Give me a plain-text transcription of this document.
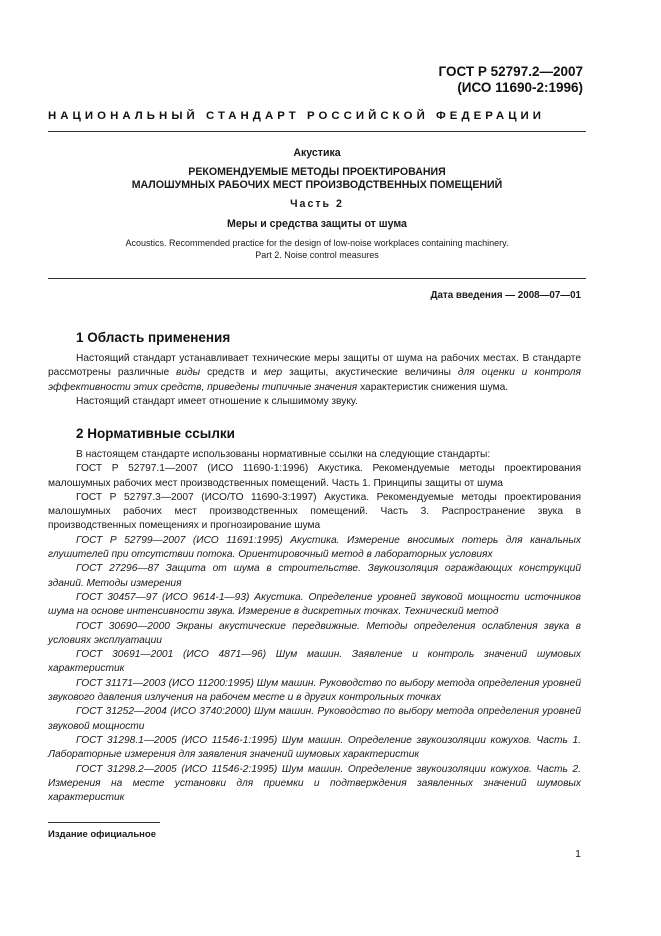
ГОСТ Р 52797.2—2007
(ИСО 11690-2:1996)
НАЦИОНАЛЬНЫЙ СТАНДАРТ РОССИЙСКОЙ ФЕДЕРАЦИИ
Акустика
РЕКОМЕНДУЕМЫЕ МЕТОДЫ ПРОЕКТИРОВАНИЯ
МАЛОШУМНЫХ РАБОЧИХ МЕСТ ПРОИЗВОДСТВЕННЫХ ПОМЕЩЕНИЙ
Часть 2
Меры и средства защиты от шума
Acoustics. Recommended practice for the design of low-noise workplaces containing machinery.
Part 2. Noise control measures
Дата введения — 2008—07—01
1 Область применения

Настоящий стандарт устанавливает технические меры защиты от шума на рабочих местах. В стандарте рассмотрены различные виды средств и мер защиты, акустические величины для оценки и контроля эффективности этих средств, приведены типичные значения характеристик снижения шума.

Настоящий стандарт имеет отношение к слышимому звуку.

2 Нормативные ссылки

В настоящем стандарте использованы нормативные ссылки на следующие стандарты:

ГОСТ Р 52797.1—2007 (ИСО 11690-1:1996) Акустика. Рекомендуемые методы проектирования малошумных рабочих мест производственных помещений. Часть 1. Принципы защиты от шума

ГОСТ Р 52797.3—2007 (ИСО/ТО 11690-3:1997) Акустика. Рекомендуемые методы проектирования малошумных рабочих мест производственных помещений. Часть 3. Распространение звука в производственных помещениях и прогнозирование шума

ГОСТ Р 52799—2007 (ИСО 11691:1995) Акустика. Измерение вносимых потерь для канальных глушителей при отсутствии потока. Ориентировочный метод в лабораторных условиях

ГОСТ 27296—87 Защита от шума в строительстве. Звукоизоляция ограждающих конструкций зданий. Методы измерения

ГОСТ 30457—97 (ИСО 9614-1—93) Акустика. Определение уровней звуковой мощности источников шума на основе интенсивности звука. Измерение в дискретных точках. Технический метод

ГОСТ 30690—2000 Экраны акустические передвижные. Методы определения ослабления звука в условиях эксплуатации

ГОСТ 30691—2001 (ИСО 4871—96) Шум машин. Заявление и контроль значений шумовых характеристик

ГОСТ 31171—2003 (ИСО 11200:1995) Шум машин. Руководство по выбору метода определения уровней звукового давления излучения на рабочем месте и в других контрольных точках

ГОСТ 31252—2004 (ИСО 3740:2000) Шум машин. Руководство по выбору метода определения уровней звуковой мощности

ГОСТ 31298.1—2005 (ИСО 11546-1:1995) Шум машин. Определение звукоизоляции кожухов. Часть 1. Лабораторные измерения для заявления значений шумовых характеристик

ГОСТ 31298.2—2005 (ИСО 11546-2:1995) Шум машин. Определение звукоизоляции кожухов. Часть 2. Измерения на месте установки для приемки и подтверждения заявленных значений шумовых характеристик

Издание официальное
1
